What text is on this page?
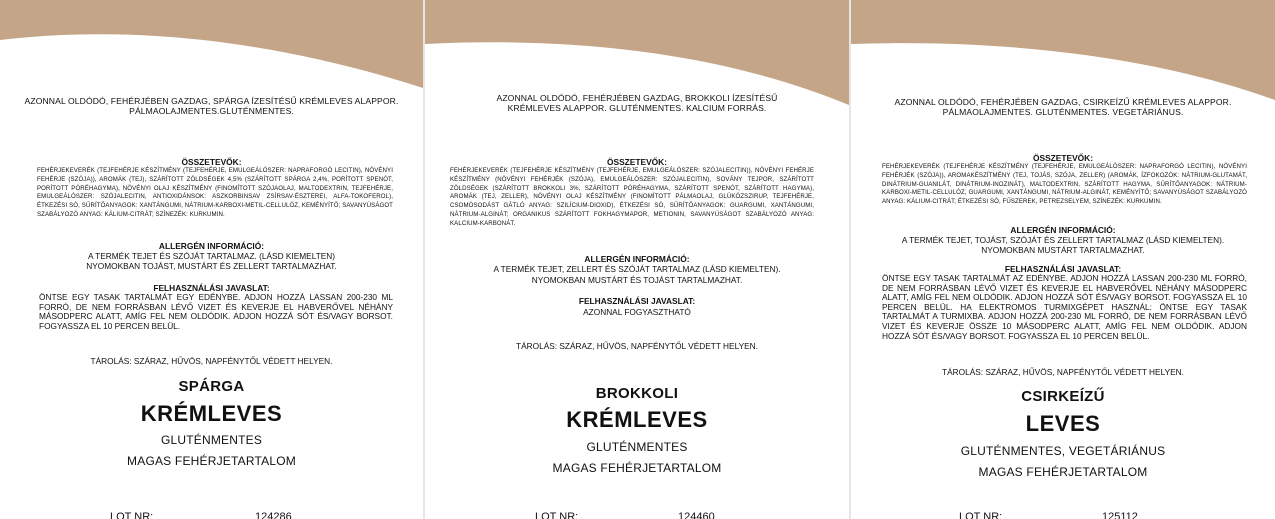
AZONNAL OLDÓDÓ, FEHÉRJÉBEN GAZDAG, SPÁRGA ÍZESÍTÉSŰ KRÉMLEVES ALAPPOR. PÁLMAOLAJMENTES.GLUTÉNMENTES.
ÖSSZETEVŐK:
FEHÉRJEKEVERÉK (TEJFEHÉRJE KÉSZÍTMÉNY (TEJFEHÉRJE, EMULGEÁLÓSZER: NAPRAFORGÓ LECITIN), NÖVÉNYI FEHÉRJE (SZÓJA)), AROMÁK (TEJ), SZÁRÍTOTT ZÖLDSÉGEK 4,5% (SZÁRÍTOTT SPÁRGA 2,4%, PORÍTOTT SPENÓT, PORÍTOTT PÓRÉHAGYMA), NÖVÉNYI OLAJ KÉSZÍTMÉNY (FINOMÍTOTT SZÓJAOLAJ, MALTODEXTRIN, TEJFEHÉRJE, EMULGEÁLÓSZER: SZÓJALECITIN, ANTIOXIDÁNSOK: ASZKORBINSAV ZSÍRSAV-ÉSZTEREI, ALFA-TOKOFEROL), ÉTKEZÉSI SÓ, SŰRÍTŐANYAGOK: XANTÁNGUMI, NÁTRIUM-KARBOXI-METIL-CELLULÓZ, KEMÉNYÍTŐ; SAVANYÚSÁGOT SZABÁLYOZÓ ANYAG: KÁLIUM-CITRÁT; SZÍNEZÉK: KURKUMIN.
ALLERGÉN INFORMÁCIÓ:
A TERMÉK TEJET ÉS SZÓJÁT TARTALMAZ. (LÁSD KIEMELTEN)
NYOMOKBAN TOJÁST, MUSTÁRT ÉS ZELLERT TARTALMAZHAT.
FELHASZNÁLÁSI JAVASLAT:
ÖNTSE EGY TASAK TARTALMÁT EGY EDÉNYBE. ADJON HOZZÁ LASSAN 200-230 ML FORRÓ, DE NEM FORRÁSBAN LÉVŐ VIZET ÉS KEVERJE EL HABVERŐVEL NÉHÁNY MÁSODPERC ALATT, AMÍG FEL NEM OLDÓDIK. ADJON HOZZÁ SÓT ÉS/VAGY BORSOT. FOGYASSZA EL 10 PERCEN BELÜL.
TÁROLÁS: SZÁRAZ, HŰVÖS, NAPFÉNYTŐL VÉDETT HELYEN.
SPÁRGA
KRÉMLEVES
GLUTÉNMENTES
MAGAS FEHÉRJETARTALOM
LOT NR:	124286
AZONNAL OLDÓDÓ, FEHÉRJÉBEN GAZDAG, BROKKOLI ÍZESÍTÉSŰ KRÉMLEVES ALAPPOR. GLUTÉNMENTES. KALCIUM FORRÁS.
ÖSSZETEVŐK:
FEHÉRJEKEVERÉK (TEJFEHÉRJE KÉSZÍTMÉNY (TEJFEHÉRJE, EMULGEÁLÓSZER: SZÓJALECITIN)), NÖVÉNYI FEHÉRJE KÉSZÍTMÉNY (NÖVÉNYI FEHÉRJÉK (SZÓJA), EMULGEÁLÓSZER: SZÓJALECITIN), SOVÁNY TEJPOR, SZÁRÍTOTT ZÖLDSÉGEK (SZÁRÍTOTT BROKKOLI 3%, SZÁRÍTOTT PÓRÉHAGYMA, SZÁRÍTOTT SPENÓT, SZÁRÍTOTT HAGYMA), AROMÁK (TEJ, ZELLER), NÖVÉNYI OLAJ KÉSZÍTMÉNY (FINOMÍTOTT PÁLMAOLAJ, GLÜKÓZSZIRUP, TEJFEHÉRJE, CSOMÓSODÁST GÁTLÓ ANYAG: SZILÍCIUM-DIOXID), ÉTKEZÉSI SÓ, SŰRÍTŐANYAGOK: GUARGUMI, XANTÁNGUMI, NÁTRIUM-ALGINÁT; ORGANIKUS SZÁRÍTOTT FOKHAGYMAPOR, METIONIN, SAVANYÚSÁGOT SZABÁLYOZÓ ANYAG: KALCIUM-KARBONÁT.
ALLERGÉN INFORMÁCIÓ:
A TERMÉK TEJET, ZELLERT ÉS SZÓJÁT TARTALMAZ (LÁSD KIEMELTEN).
NYOMOKBAN MUSTÁRT ÉS TOJÁST TARTALMAZHAT.
FELHASZNÁLÁSI JAVASLAT:
AZONNAL FOGYASZTHATÓ
TÁROLÁS: SZÁRAZ, HŰVÖS, NAPFÉNYTŐL VÉDETT HELYEN.
BROKKOLI
KRÉMLEVES
GLUTÉNMENTES
MAGAS FEHÉRJETARTALOM
LOT NR:	124460
AZONNAL OLDÓDÓ, FEHÉRJÉBEN GAZDAG, CSIRKEÍZŰ KRÉMLEVES ALAPPOR. PÁLMAOLAJMENTES. GLUTÉNMENTES. VEGETÁRIÁNUS.
ÖSSZETEVŐK:
FEHÉRJEKEVERÉK (TEJFEHÉRJE KÉSZÍTMÉNY (TEJFEHÉRJE, EMULGEÁLÓSZER: NAPRAFORGÓ LECITIN), NÖVÉNYI FEHÉRJÉK (SZÓJA)), AROMAKÉSZÍTMÉNY (TEJ, TOJÁS, SZÓJA, ZELLER) (AROMÁK, ÍZFOKOZÓK: NÁTRIUM-GLUTAMÁT, DINÁTRIUM-GUANILÁT, DINÁTRIUM-INOZINÁT), MALTODEXTRIN, SZÁRÍTOTT HAGYMA, SŰRÍTŐANYAGOK: NÁTRIUM-KARBOXI-METIL-CELLULÓZ, GUARGUMI, XANTÁNGUMI, NÁTRIUM-ALGINÁT, KEMÉNYÍTŐ; SAVANYÚSÁGOT SZABÁLYOZÓ ANYAG: KÁLIUM-CITRÁT; ÉTKEZÉSI SÓ, FŰSZEREK, PETREZSELYEM, SZÍNEZÉK: KURKUMIN.
ALLERGÉN INFORMÁCIÓ:
A TERMÉK TEJET, TOJÁST, SZÓJÁT ÉS ZELLERT TARTALMAZ (LÁSD KIEMELTEN).
NYOMOKBAN MUSTÁRT TARTALMAZHAT.
FELHASZNÁLÁSI JAVASLAT:
ÖNTSE EGY TASAK TARTALMÁT AZ EDÉNYBE. ADJON HOZZÁ LASSAN 200-230 ML FORRÓ, DE NEM FORRÁSBAN LÉVŐ VIZET ÉS KEVERJE EL HABVERŐVEL NÉHÁNY MÁSODPERC ALATT, AMÍG FEL NEM OLDÓDIK. ADJON HOZZÁ SÓT ÉS/VAGY BORSOT. FOGYASSZA EL 10 PERCEN BELÜL. HA ELEKTROMOS TURMIXGÉPET HASZNÁL: ÖNTSE EGY TASAK TARTALMÁT A TURMIXBA. ADJON HOZZÁ 200-230 ML FORRÓ, DE NEM FORRÁSBAN LÉVŐ VIZET ÉS KEVERJE ÖSSZE 10 MÁSODPERC ALATT, AMÍG FEL NEM OLDÓDIK. ADJON HOZZÁ SÓT ÉS/VAGY BORSOT. FOGYASSZA EL 10 PERCEN BELÜL.
TÁROLÁS: SZÁRAZ, HŰVÖS, NAPFÉNYTŐL VÉDETT HELYEN.
CSIRKEÍZŰ
LEVES
GLUTÉNMENTES, VEGETÁRIÁNUS
MAGAS FEHÉRJETARTALOM
LOT NR:	125112
